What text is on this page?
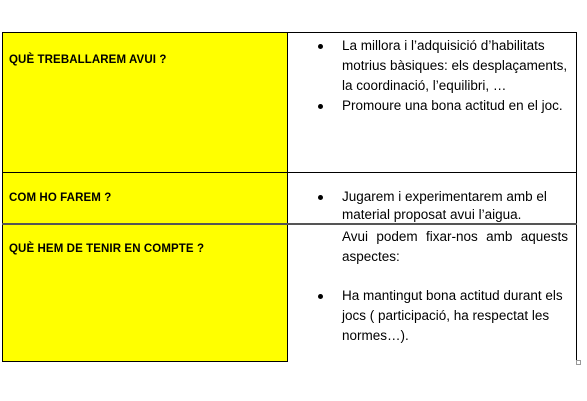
QUÈ TREBALLAREM AVUI ?
La millora i l’adquisició d’habilitats motrius bàsiques: els desplaçaments, la coordinació, l’equilibri, …
Promoure una bona actitud en el joc.
COM HO FAREM ?	Jugarem i experimentarem amb el material proposat avui l’aigua.
QUÈ HEM DE TENIR EN COMPTE ?
Avui podem fixar-nos amb aquests aspectes:
Ha mantingut bona actitud durant els jocs ( participació, ha respectat les normes…).
